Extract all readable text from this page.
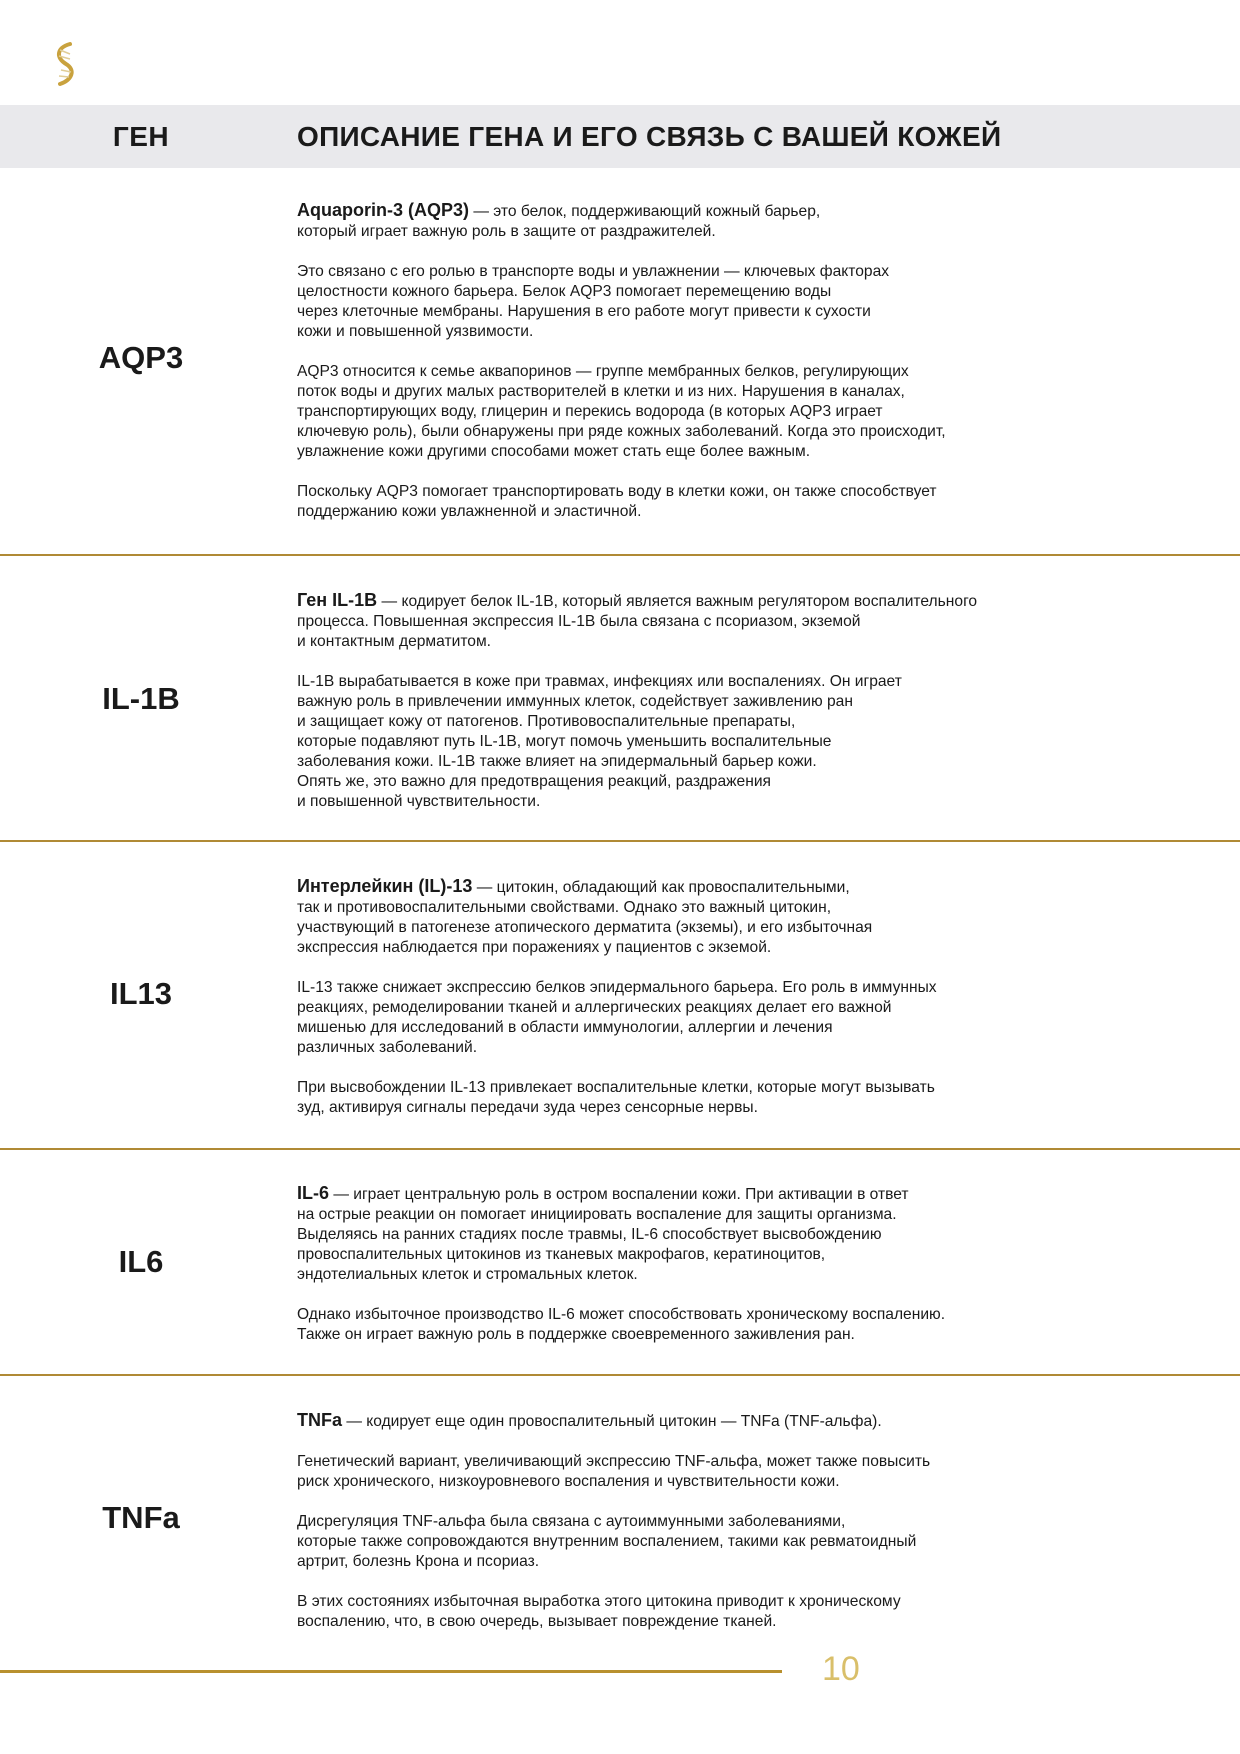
ГЕН	ОПИСАНИЕ ГЕНА И ЕГО СВЯЗЬ С ВАШЕЙ КОЖЕЙ
AQP3

Aquaporin-3 (AQP3) — это белок, поддерживающий кожный барьер,
который играет важную роль в защите от раздражителей.

Это связано с его ролью в транспорте воды и увлажнении — ключевых факторах
целостности кожного барьера. Белок AQP3 помогает перемещению воды
через клеточные мембраны. Нарушения в его работе могут привести к сухости
кожи и повышенной уязвимости.

AQP3 относится к семье аквапоринов — группе мембранных белков, регулирующих
поток воды и других малых растворителей в клетки и из них. Нарушения в каналах,
транспортирующих воду, глицерин и перекись водорода (в которых AQP3 играет
ключевую роль), были обнаружены при ряде кожных заболеваний. Когда это происходит,
увлажнение кожи другими способами может стать еще более важным.

Поскольку AQP3 помогает транспортировать воду в клетки кожи, он также способствует
поддержанию кожи увлажненной и эластичной.

IL-1B

Ген IL-1B — кодирует белок IL-1B, который является важным регулятором воспалительного
процесса. Повышенная экспрессия IL-1B была связана с псориазом, экземой
и контактным дерматитом.

IL-1B вырабатывается в коже при травмах, инфекциях или воспалениях. Он играет
важную роль в привлечении иммунных клеток, содействует заживлению ран
и защищает кожу от патогенов. Противовоспалительные препараты,
которые подавляют путь IL-1B, могут помочь уменьшить воспалительные
заболевания кожи. IL-1B также влияет на эпидермальный барьер кожи.
Опять же, это важно для предотвращения реакций, раздражения
и повышенной чувствительности.

IL13

Интерлейкин (IL)-13 — цитокин, обладающий как провоспалительными,
так и противовоспалительными свойствами. Однако это важный цитокин,
участвующий в патогенезе атопического дерматита (экземы), и его избыточная
экспрессия наблюдается при поражениях у пациентов с экземой.

IL-13 также снижает экспрессию белков эпидермального барьера. Его роль в иммунных
реакциях, ремоделировании тканей и аллергических реакциях делает его важной
мишенью для исследований в области иммунологии, аллергии и лечения
различных заболеваний.

При высвобождении IL-13 привлекает воспалительные клетки, которые могут вызывать
зуд, активируя сигналы передачи зуда через сенсорные нервы.

IL6

IL-6 — играет центральную роль в остром воспалении кожи. При активации в ответ
на острые реакции он помогает инициировать воспаление для защиты организма.
Выделяясь на ранних стадиях после травмы, IL-6 способствует высвобождению
провоспалительных цитокинов из тканевых макрофагов, кератиноцитов,
эндотелиальных клеток и стромальных клеток.

Однако избыточное производство IL-6 может способствовать хроническому воспалению.
Также он играет важную роль в поддержке своевременного заживления ран.

TNFa

TNFa — кодирует еще один провоспалительный цитокин — TNFa (TNF-альфа).

Генетический вариант, увеличивающий экспрессию TNF-альфа, может также повысить
риск хронического, низкоуровневого воспаления и чувствительности кожи.

Дисрегуляция TNF-альфа была связана с аутоиммунными заболеваниями,
которые также сопровождаются внутренним воспалением, такими как ревматоидный
артрит, болезнь Крона и псориаз.

В этих состояниях избыточная выработка этого цитокина приводит к хроническому
воспалению, что, в свою очередь, вызывает повреждение тканей.

10
